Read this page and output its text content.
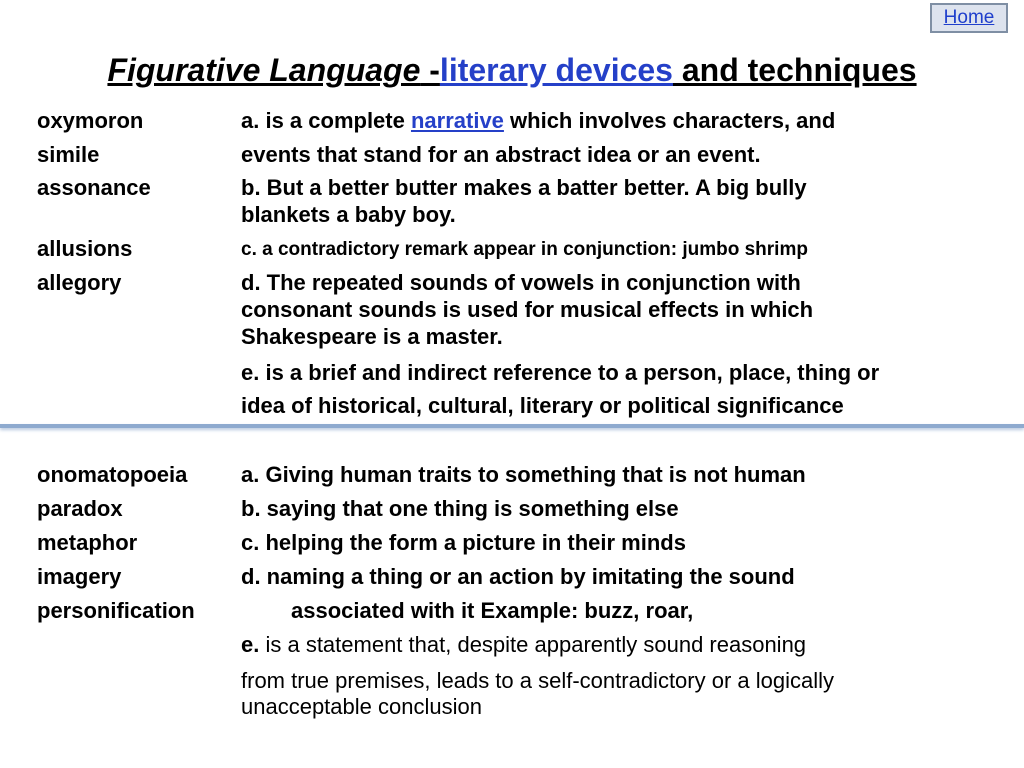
Home
Figurative Language -literary devices and techniques
oxymoron
simile
assonance
allusions
allegory
a. is a complete narrative which involves characters, and
events that stand for an abstract idea or an event.
b. But a better butter makes a batter better. A big bully
blankets a baby boy.
c. a contradictory remark appear in conjunction: jumbo shrimp
d. The repeated sounds of vowels in conjunction with
consonant sounds is used for musical effects in which
Shakespeare is a master.
e. is a brief and indirect reference to a person, place, thing or
idea of historical, cultural, literary or political significance
onomatopoeia
paradox
metaphor
imagery
personification
a. Giving human traits to something that is not human
b. saying that one thing is something else
c. helping the form a picture in their minds
d. naming a thing or an action by imitating the sound
associated with it Example: buzz, roar,
e. is a statement that, despite apparently sound reasoning
from true premises, leads to a self-contradictory or a logically
unacceptable conclusion
